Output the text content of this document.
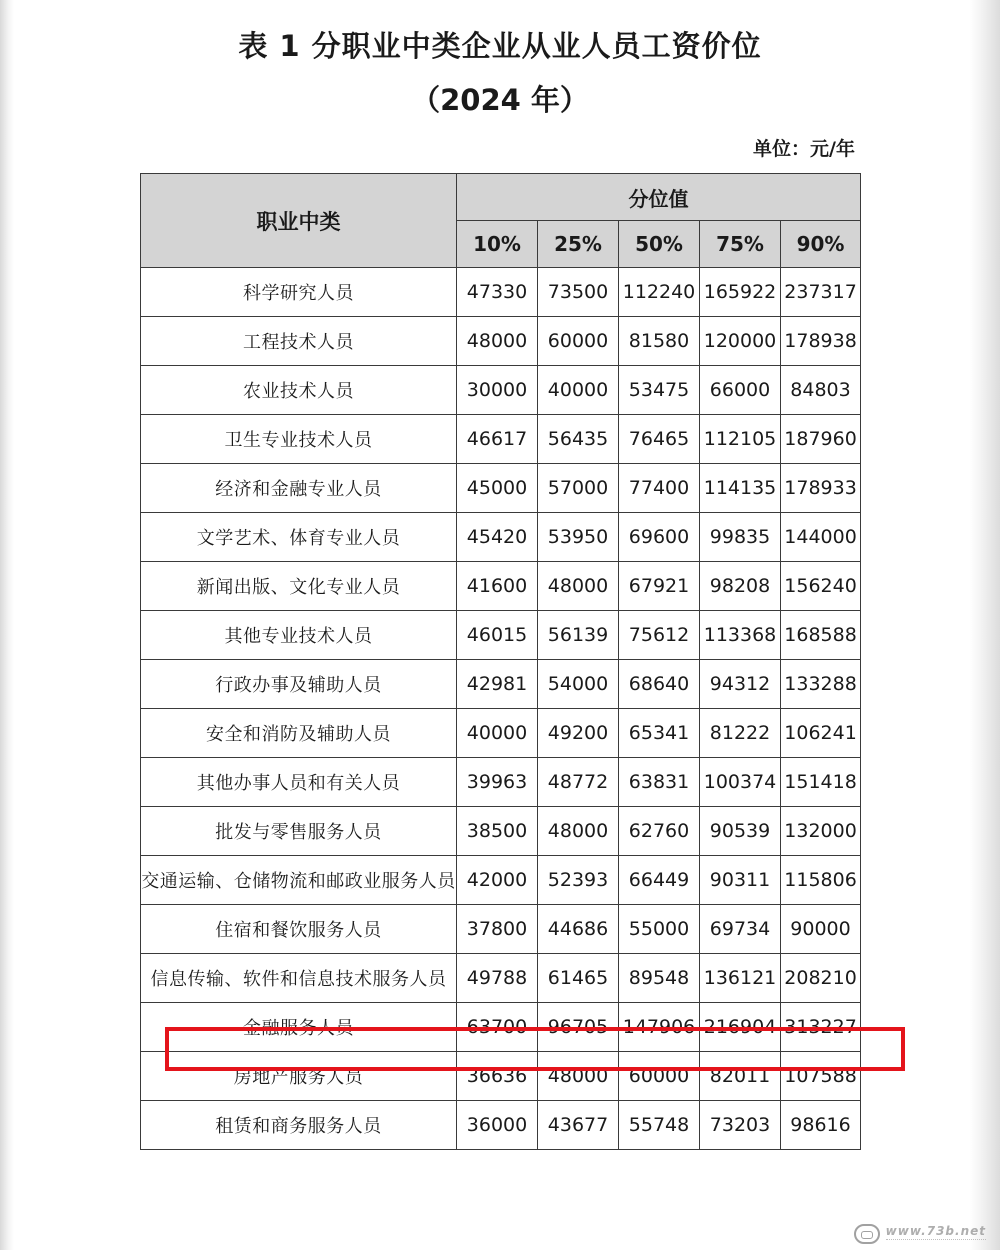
表 1 分职业中类企业从业人员工资价位
（2024 年）
单位：元/年
职业中类	分位值				
	10%	25%	50%	75%	90%
科学研究人员	47330	73500	112240	165922	237317
工程技术人员	48000	60000	81580	120000	178938
农业技术人员	30000	40000	53475	66000	84803
卫生专业技术人员	46617	56435	76465	112105	187960
经济和金融专业人员	45000	57000	77400	114135	178933
文学艺术、体育专业人员	45420	53950	69600	99835	144000
新闻出版、文化专业人员	41600	48000	67921	98208	156240
其他专业技术人员	46015	56139	75612	113368	168588
行政办事及辅助人员	42981	54000	68640	94312	133288
安全和消防及辅助人员	40000	49200	65341	81222	106241
其他办事人员和有关人员	39963	48772	63831	100374	151418
批发与零售服务人员	38500	48000	62760	90539	132000
交通运输、仓储物流和邮政业服务人员	42000	52393	66449	90311	115806
住宿和餐饮服务人员	37800	44686	55000	69734	90000
信息传输、软件和信息技术服务人员	49788	61465	89548	136121	208210
金融服务人员	63700	96705	147906	216904	313227
房地产服务人员	36636	48000	60000	82011	107588
租赁和商务服务人员	36000	43677	55748	73203	98616
www.73b.net
